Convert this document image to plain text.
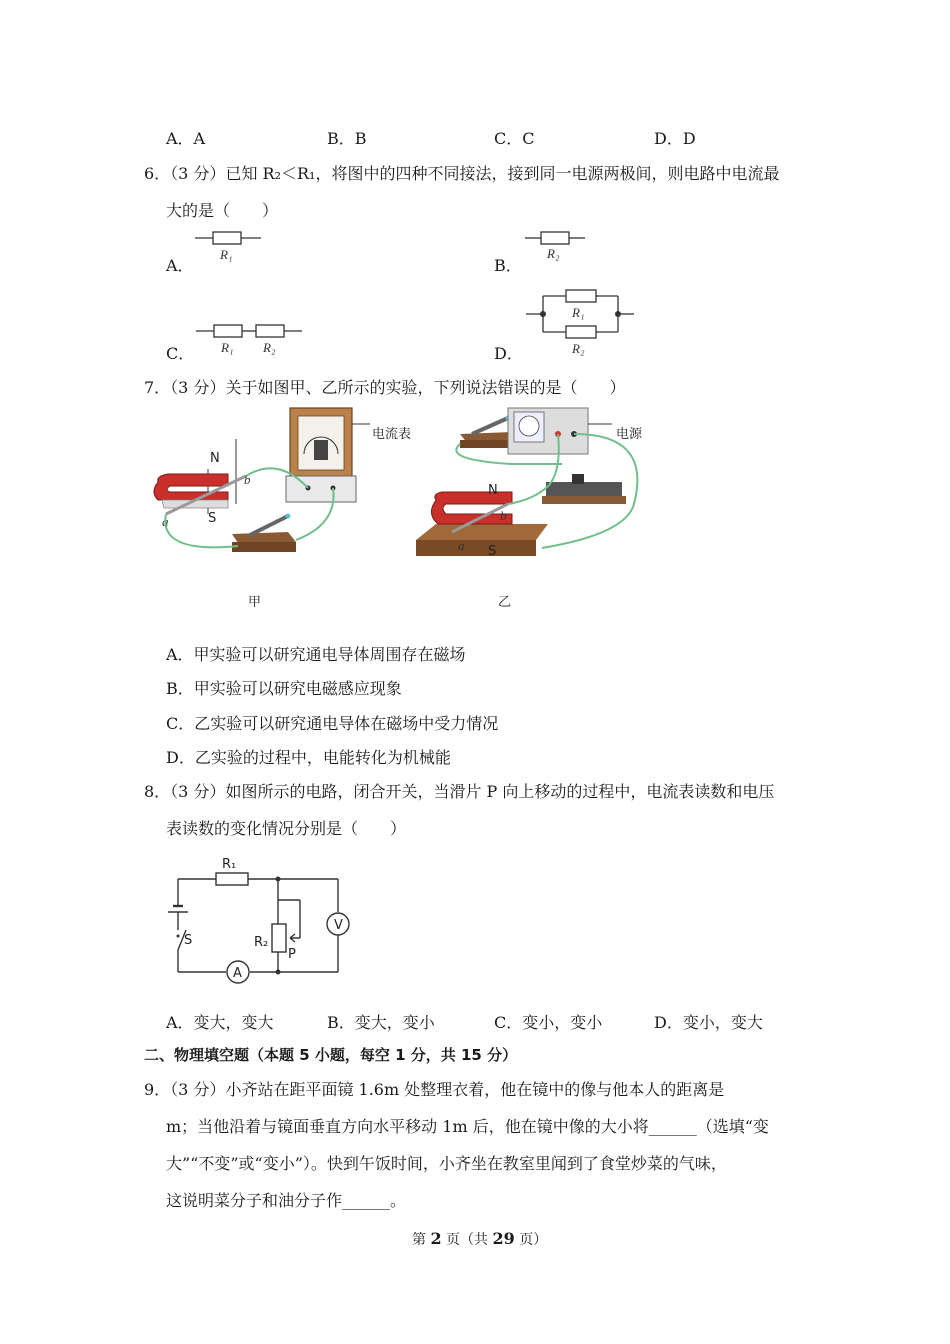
A．A	B．B	C．C	D．D
6．（3 分）已知 R₂＜R₁，将图中的四种不同接法，接到同一电源两极间，则电路中电流最
大的是（　　）
A．	B．
C．	D．
R₁	R₂
R₁ R₂
R₁
R₂
7．（3 分）关于如图甲、乙所示的实验，下列说法错误的是（　　）
N
S
a
b
电流表
甲
电源
N
S
a
b
乙
A．甲实验可以研究通电导体周围存在磁场
B．甲实验可以研究电磁感应现象
C．乙实验可以研究通电导体在磁场中受力情况
D．乙实验的过程中，电能转化为机械能
8．（3 分）如图所示的电路，闭合开关，当滑片 P 向上移动的过程中，电流表读数和电压
表读数的变化情况分别是（　　）
R₁
V
A
S	R₂
P
A．变大，变大	B．变大，变小	C．变小，变小	D．变小，变大
二、物理填空题（本题 5 小题，每空 1 分，共 15 分）
9．（3 分）小齐站在距平面镜 1.6m 处整理衣着，他在镜中的像与他本人的距离是
m；当他沿着与镜面垂直方向水平移动 1m 后，他在镜中像的大小将______（选填“变
大”“不变”或“变小”）。快到午饭时间，小齐坐在教室里闻到了食堂炒菜的气味，
这说明菜分子和油分子作______。
第 2 页（共 29 页）
